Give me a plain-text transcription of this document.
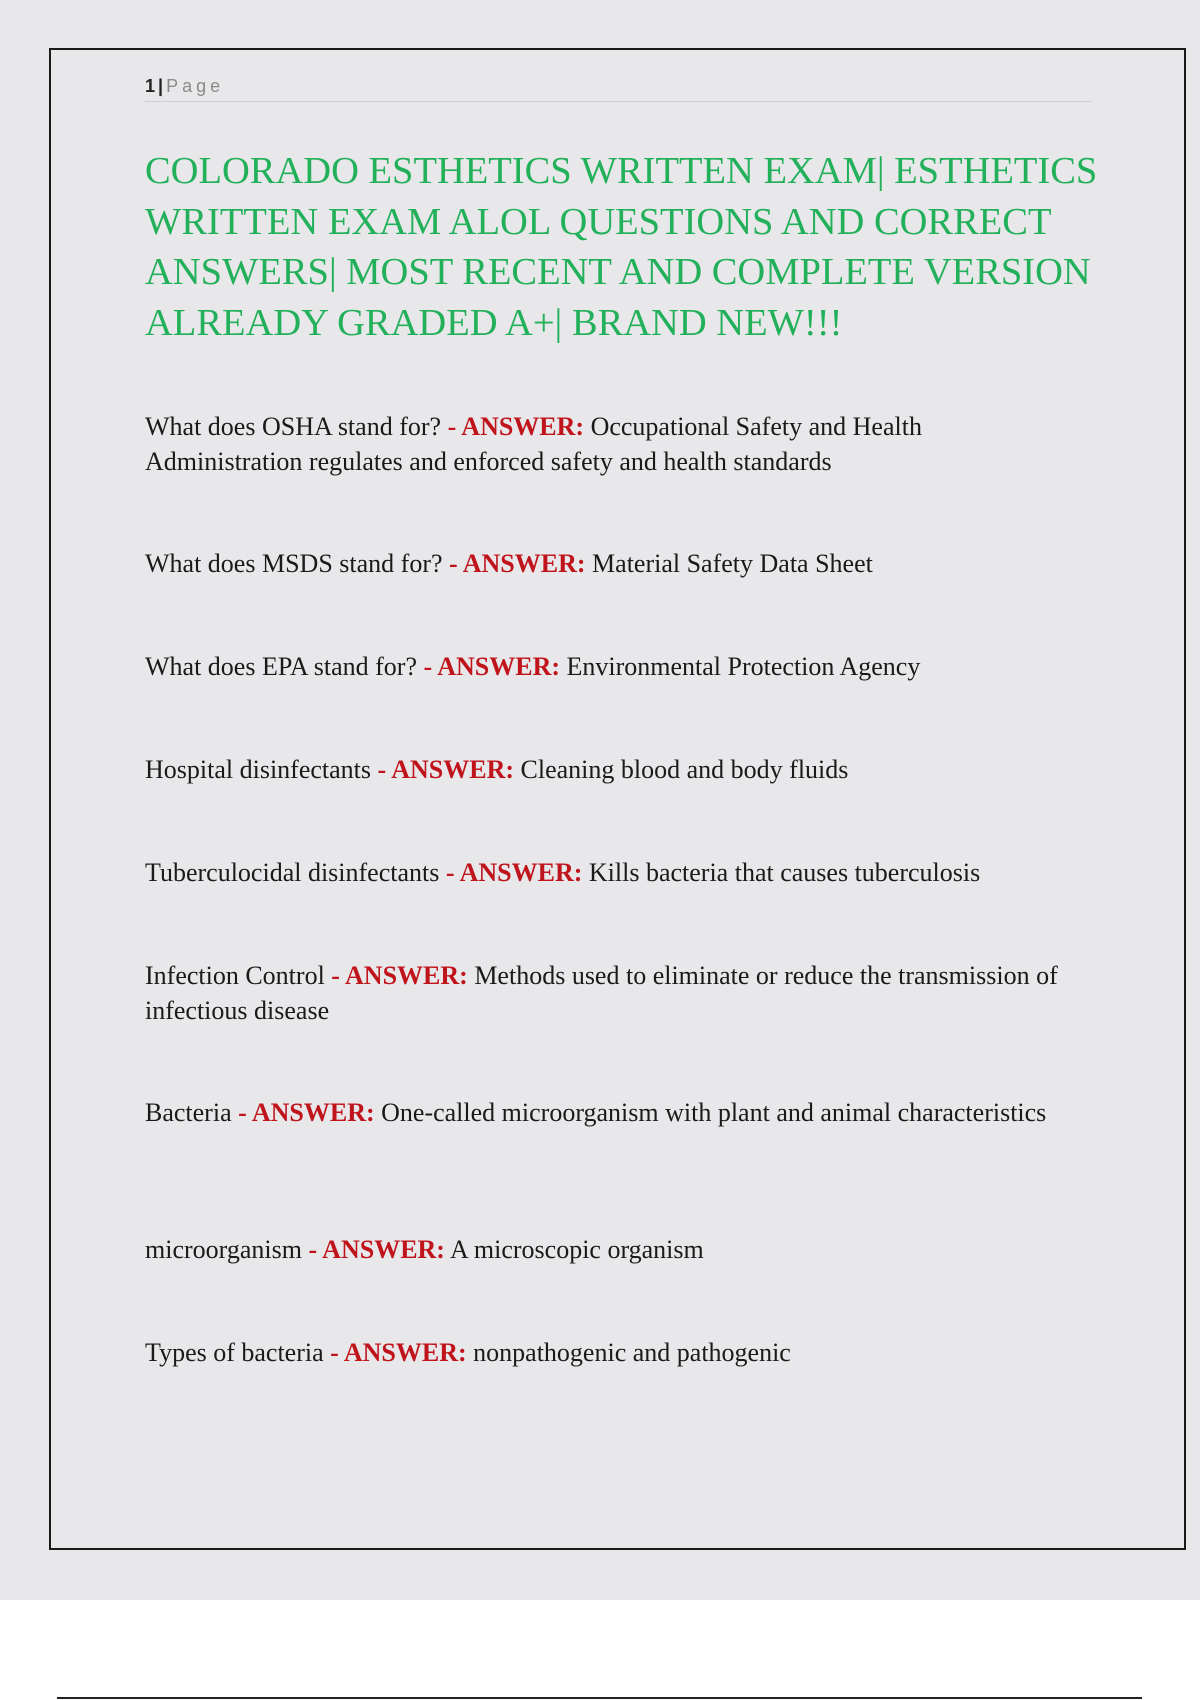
1 | Page
COLORADO ESTHETICS WRITTEN EXAM| ESTHETICS WRITTEN EXAM ALOL QUESTIONS AND CORRECT ANSWERS| MOST RECENT AND COMPLETE VERSION ALREADY GRADED A+| BRAND NEW!!!

What does OSHA stand for? - ANSWER: Occupational Safety and Health Administration regulates and enforced safety and health standards

What does MSDS stand for? - ANSWER: Material Safety Data Sheet

What does EPA stand for? - ANSWER: Environmental Protection Agency

Hospital disinfectants - ANSWER: Cleaning blood and body fluids

Tuberculocidal disinfectants - ANSWER: Kills bacteria that causes tuberculosis

Infection Control - ANSWER: Methods used to eliminate or reduce the transmission of infectious disease

Bacteria - ANSWER: One-called microorganism with plant and animal characteristics

microorganism - ANSWER: A microscopic organism

Types of bacteria - ANSWER: nonpathogenic and pathogenic
